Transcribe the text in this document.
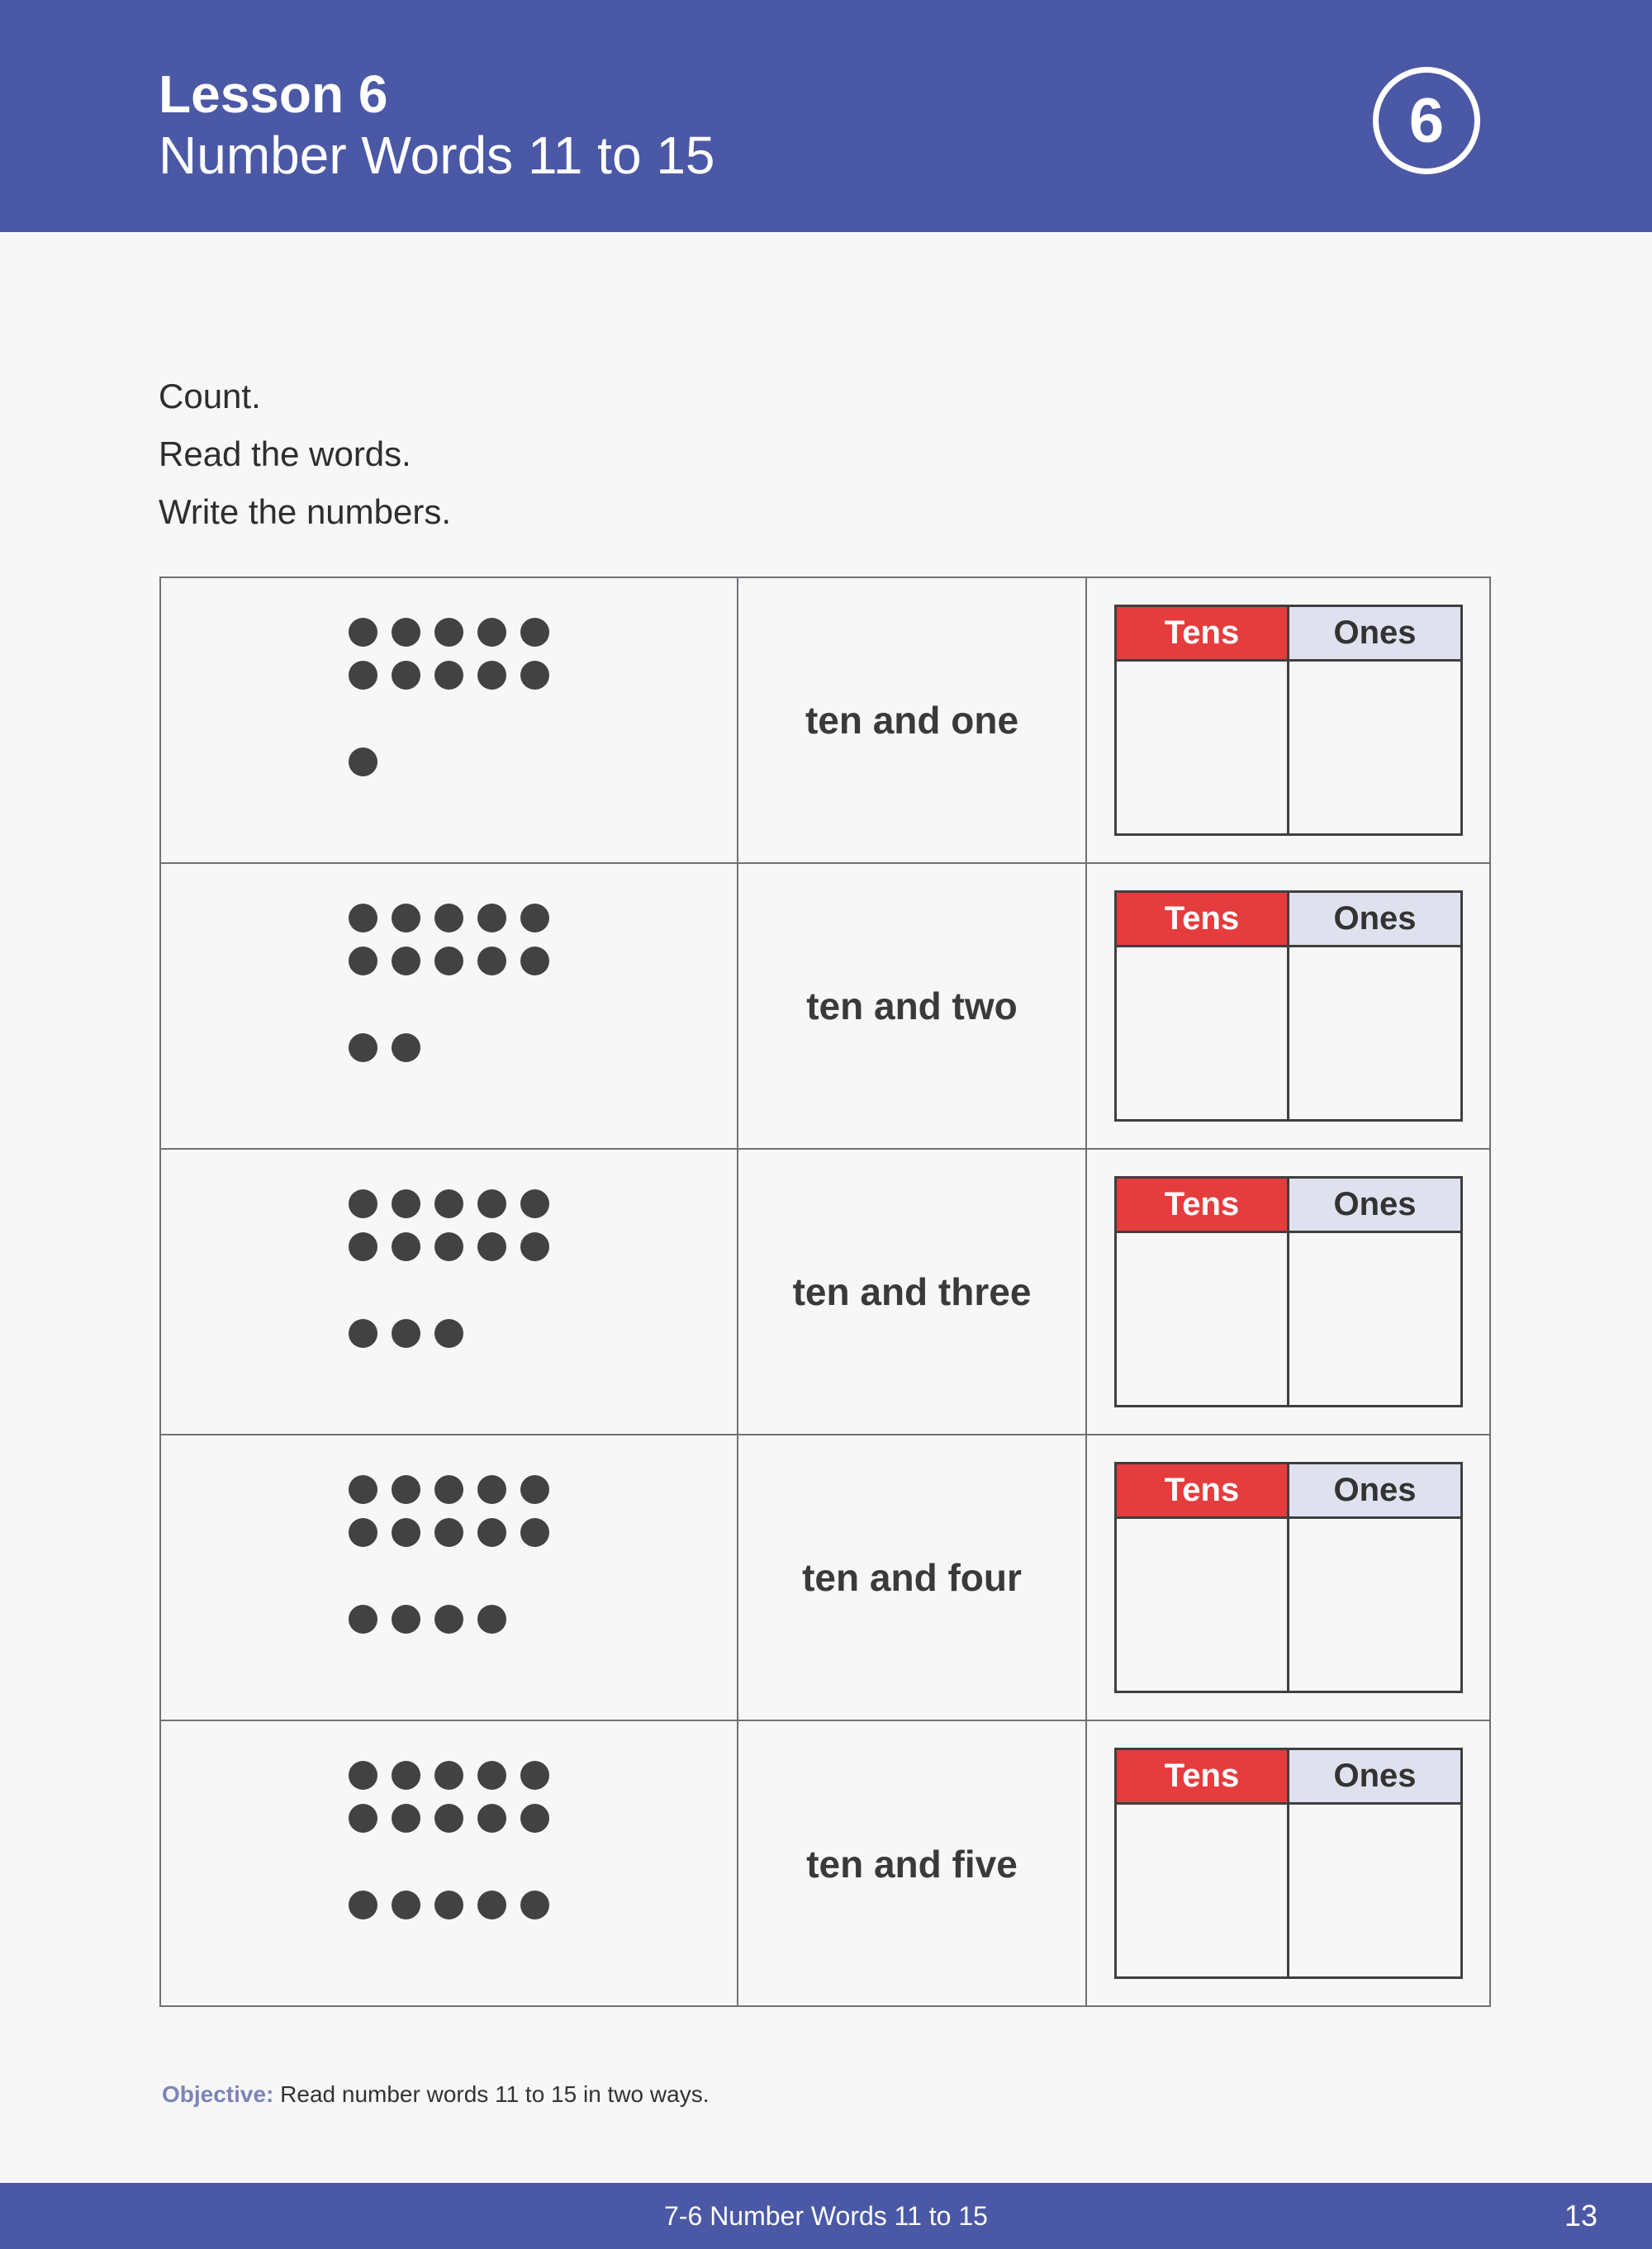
Lesson 6
Number Words 11 to 15	6
Count.
Read the words.
Write the numbers.
ten and one
Tens	Ones
ten and two
Tens	Ones
ten and three
Tens	Ones
ten and four
Tens	Ones
ten and five
Tens	Ones
Objective: Read number words 11 to 15 in two ways.
7-6 Number Words 11 to 15	13
